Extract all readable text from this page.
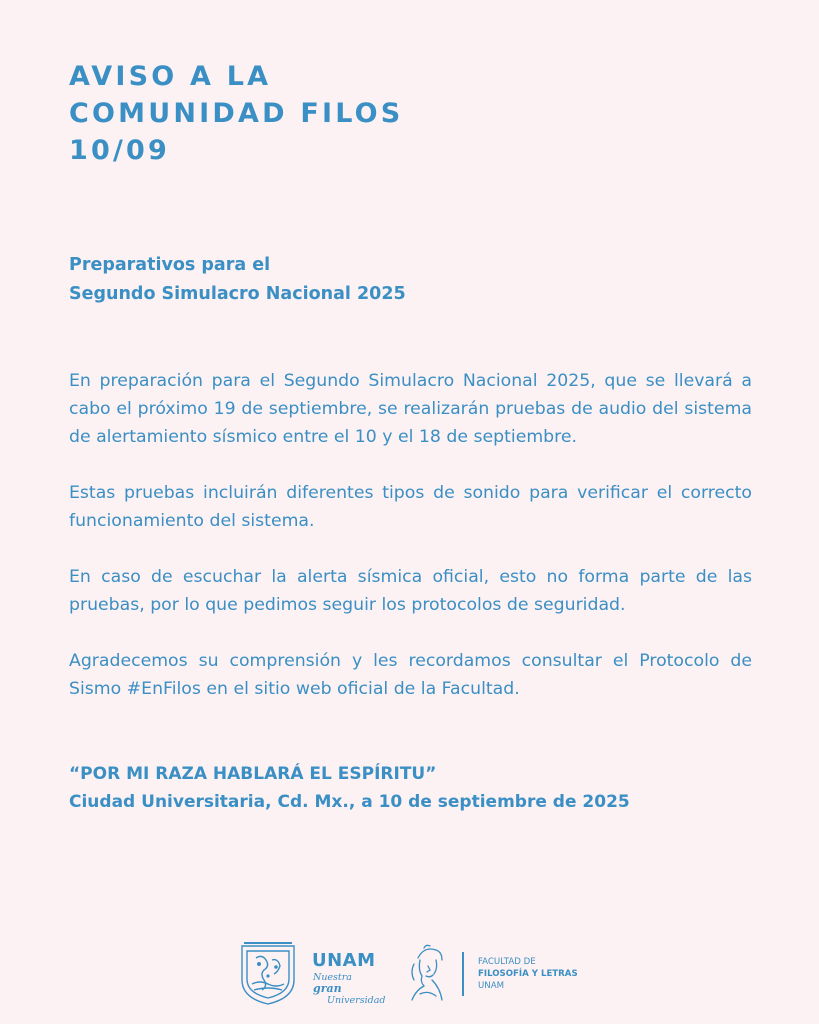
AVISO A LA
COMUNIDAD FILOS
10/09
Preparativos para el
Segundo Simulacro Nacional 2025

En preparación para el Segundo Simulacro Nacional 2025, que se llevará a cabo el próximo 19 de septiembre, se realizarán pruebas de audio del sistema de alertamiento sísmico entre el 10 y el 18 de septiembre.

Estas pruebas incluirán diferentes tipos de sonido para verificar el correcto funcionamiento del sistema.

En caso de escuchar la alerta sísmica oficial, esto no forma parte de las pruebas, por lo que pedimos seguir los protocolos de seguridad.

Agradecemos su comprensión y les recordamos consultar el Protocolo de Sismo #EnFilos en el sitio web oficial de la Facultad.

“POR MI RAZA HABLARÁ EL ESPÍRITU”
Ciudad Universitaria, Cd. Mx., a 10 de septiembre de 2025
UNAM
Nuestra gran
Universidad
FACULTAD DE
FILOSOFÍA Y LETRAS
UNAM
